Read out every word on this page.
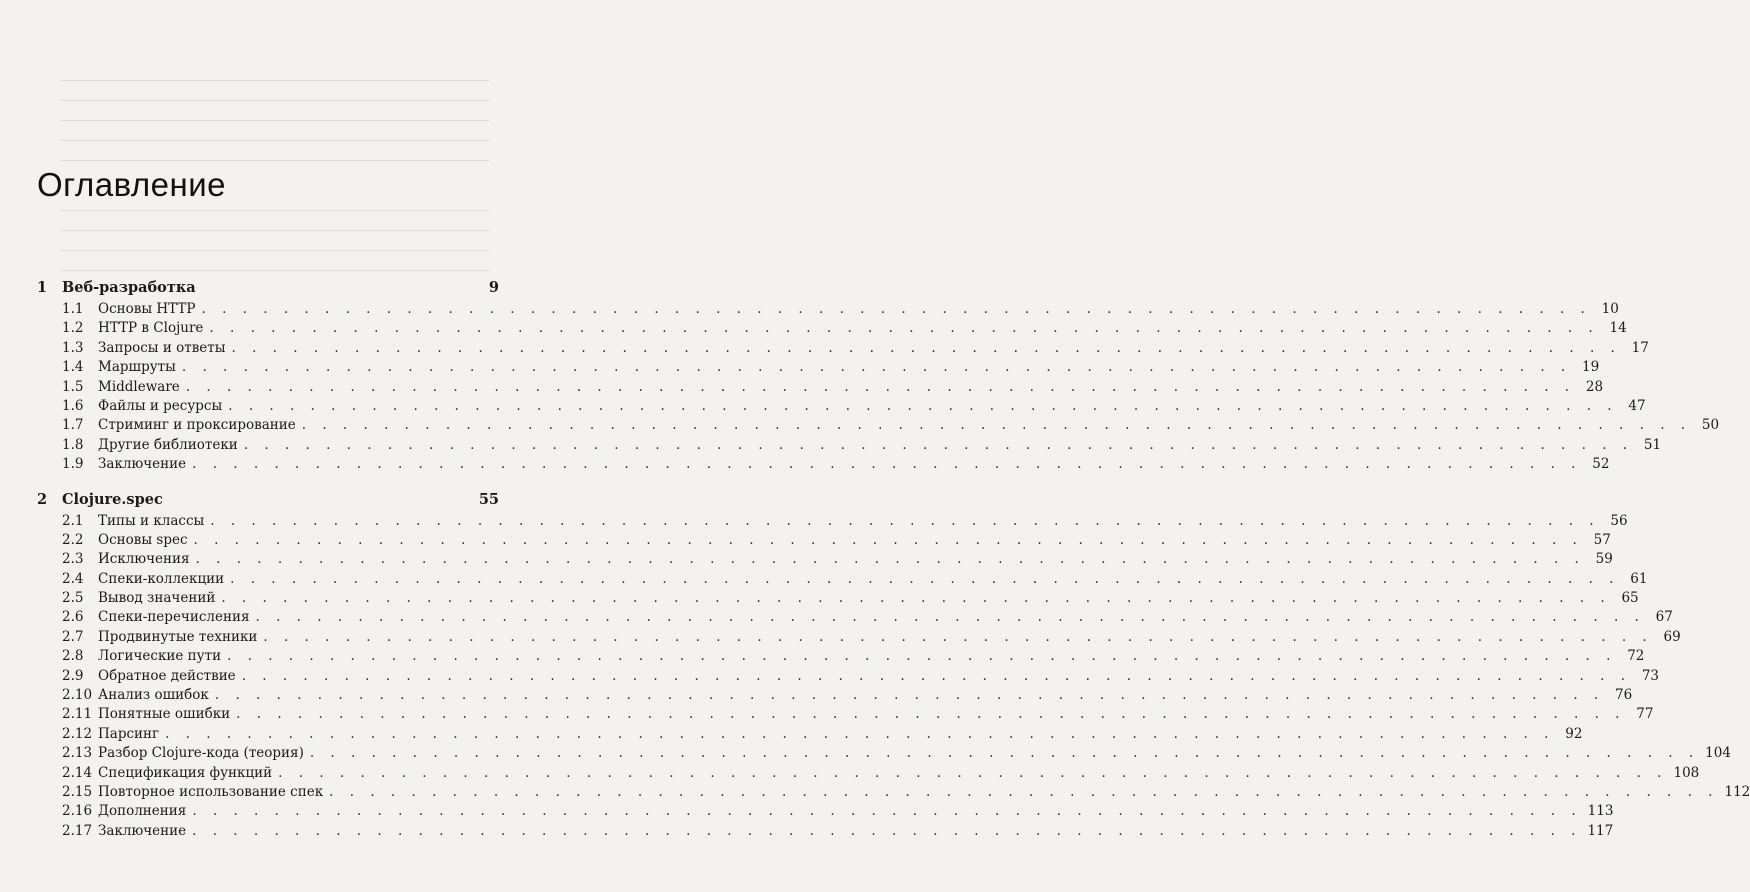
Оглавление
1	Веб-разработка	9
1.1	Основы HTTP . . . . . . . . . . . . . . . . . . . . . . . . . . . . . . . . . . . . . . . . . . . . . . . . . . . . . . . . . . . . . . . . . . . . 10
1.2	HTTP в Clojure . . . . . . . . . . . . . . . . . . . . . . . . . . . . . . . . . . . . . . . . . . . . . . . . . . . . . . . . . . . . . . . . . . . . 14
1.3	Запросы и ответы . . . . . . . . . . . . . . . . . . . . . . . . . . . . . . . . . . . . . . . . . . . . . . . . . . . . . . . . . . . . . . . . . . . . 17
1.4	Маршруты . . . . . . . . . . . . . . . . . . . . . . . . . . . . . . . . . . . . . . . . . . . . . . . . . . . . . . . . . . . . . . . . . . . . 19
1.5	Middleware . . . . . . . . . . . . . . . . . . . . . . . . . . . . . . . . . . . . . . . . . . . . . . . . . . . . . . . . . . . . . . . . . . . . 28
1.6	Файлы и ресурсы . . . . . . . . . . . . . . . . . . . . . . . . . . . . . . . . . . . . . . . . . . . . . . . . . . . . . . . . . . . . . . . . . . . . 47
1.7	Стриминг и проксирование . . . . . . . . . . . . . . . . . . . . . . . . . . . . . . . . . . . . . . . . . . . . . . . . . . . . . . . . . . . . . . . . . . . . 50
1.8	Другие библиотеки . . . . . . . . . . . . . . . . . . . . . . . . . . . . . . . . . . . . . . . . . . . . . . . . . . . . . . . . . . . . . . . . . . . . 51
1.9	Заключение . . . . . . . . . . . . . . . . . . . . . . . . . . . . . . . . . . . . . . . . . . . . . . . . . . . . . . . . . . . . . . . . . . . . 52
2	Clojure.spec	55
2.1	Типы и классы . . . . . . . . . . . . . . . . . . . . . . . . . . . . . . . . . . . . . . . . . . . . . . . . . . . . . . . . . . . . . . . . . . . . 56
2.2	Основы spec . . . . . . . . . . . . . . . . . . . . . . . . . . . . . . . . . . . . . . . . . . . . . . . . . . . . . . . . . . . . . . . . . . . . 57
2.3	Исключения . . . . . . . . . . . . . . . . . . . . . . . . . . . . . . . . . . . . . . . . . . . . . . . . . . . . . . . . . . . . . . . . . . . . 59
2.4	Спеки-коллекции . . . . . . . . . . . . . . . . . . . . . . . . . . . . . . . . . . . . . . . . . . . . . . . . . . . . . . . . . . . . . . . . . . . . 61
2.5	Вывод значений . . . . . . . . . . . . . . . . . . . . . . . . . . . . . . . . . . . . . . . . . . . . . . . . . . . . . . . . . . . . . . . . . . . . 65
2.6	Спеки-перечисления . . . . . . . . . . . . . . . . . . . . . . . . . . . . . . . . . . . . . . . . . . . . . . . . . . . . . . . . . . . . . . . . . . . . 67
2.7	Продвинутые техники . . . . . . . . . . . . . . . . . . . . . . . . . . . . . . . . . . . . . . . . . . . . . . . . . . . . . . . . . . . . . . . . . . . . 69
2.8	Логические пути . . . . . . . . . . . . . . . . . . . . . . . . . . . . . . . . . . . . . . . . . . . . . . . . . . . . . . . . . . . . . . . . . . . . 72
2.9	Обратное действие . . . . . . . . . . . . . . . . . . . . . . . . . . . . . . . . . . . . . . . . . . . . . . . . . . . . . . . . . . . . . . . . . . . . 73
2.10 Анализ ошибок . . . . . . . . . . . . . . . . . . . . . . . . . . . . . . . . . . . . . . . . . . . . . . . . . . . . . . . . . . . . . . . . . . . . 76
2.11 Понятные ошибки . . . . . . . . . . . . . . . . . . . . . . . . . . . . . . . . . . . . . . . . . . . . . . . . . . . . . . . . . . . . . . . . . . . . 77
2.12 Парсинг . . . . . . . . . . . . . . . . . . . . . . . . . . . . . . . . . . . . . . . . . . . . . . . . . . . . . . . . . . . . . . . . . . . . 92
2.13 Разбор Clojure-кода (теория) . . . . . . . . . . . . . . . . . . . . . . . . . . . . . . . . . . . . . . . . . . . . . . . . . . . . . . . . . . . . . . . . . . . . 104
2.14 Спецификация функций . . . . . . . . . . . . . . . . . . . . . . . . . . . . . . . . . . . . . . . . . . . . . . . . . . . . . . . . . . . . . . . . . . . . 108
2.15 Повторное использование спек . . . . . . . . . . . . . . . . . . . . . . . . . . . . . . . . . . . . . . . . . . . . . . . . . . . . . . . . . . . . . . . . . . . . 112
2.16 Дополнения . . . . . . . . . . . . . . . . . . . . . . . . . . . . . . . . . . . . . . . . . . . . . . . . . . . . . . . . . . . . . . . . . . . . 113
2.17 Заключение . . . . . . . . . . . . . . . . . . . . . . . . . . . . . . . . . . . . . . . . . . . . . . . . . . . . . . . . . . . . . . . . . . . . 117
